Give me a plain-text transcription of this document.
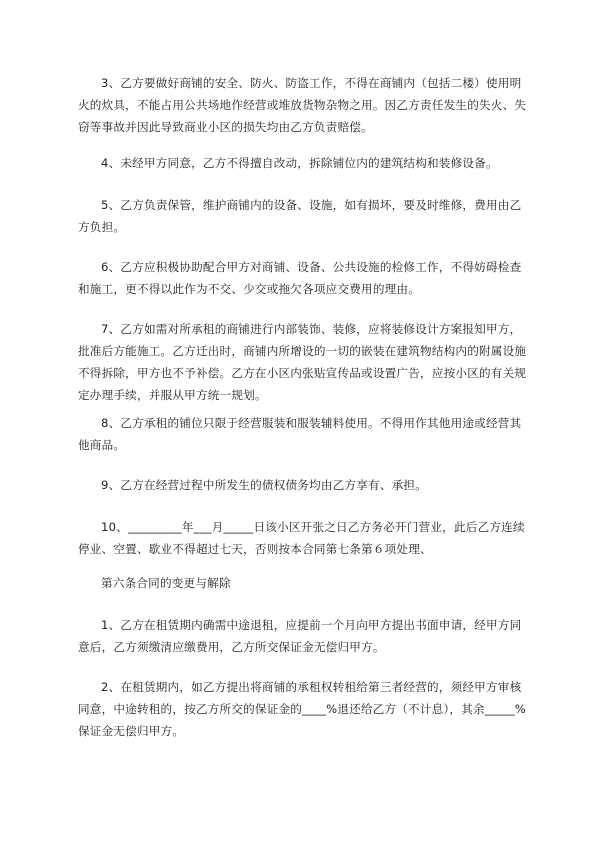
3、乙方要做好商铺的安全、防火、防盗工作，不得在商铺内（包括二楼）使用明火的炊具，不能占用公共场地作经营或堆放货物杂物之用。因乙方责任发生的失火、失窃等事故并因此导致商业小区的损失均由乙方负责赔偿。

4、未经甲方同意，乙方不得擅自改动，拆除铺位内的建筑结构和装修设备。

5、乙方负责保管，维护商铺内的设备、设施，如有损坏，要及时维修，费用由乙方负担。

6、乙方应积极协助配合甲方对商铺、设备、公共设施的检修工作，不得妨碍检查和施工，更不得以此作为不交、少交或拖欠各项应交费用的理由。

7、乙方如需对所承租的商铺进行内部装饰、装修，应将装修设计方案报知甲方，批准后方能施工。乙方迁出时，商铺内所增设的一切的嵌装在建筑物结构内的附属设施不得拆除，甲方也不予补偿。乙方在小区内张贴宣传品或设置广告，应按小区的有关规定办理手续，并服从甲方统一规划。

8、乙方承租的铺位只限于经营服装和服装辅料使用。不得用作其他用途或经营其他商品。

9、乙方在经营过程中所发生的债权债务均由乙方享有、承担。

10、_________年___月_____日该小区开张之日乙方务必开门营业，此后乙方连续停业、空置、歇业不得超过七天，否则按本合同第七条第６项处理、

第六条合同的变更与解除

1、乙方在租赁期内确需中途退租，应提前一个月向甲方提出书面申请，经甲方同意后，乙方须缴清应缴费用，乙方所交保证金无偿归甲方。

2、在租赁期内，如乙方提出将商铺的承租权转租给第三者经营的，须经甲方审核同意，中途转租的，按乙方所交的保证金的____%退还给乙方（不计息），其余_____%保证金无偿归甲方。
